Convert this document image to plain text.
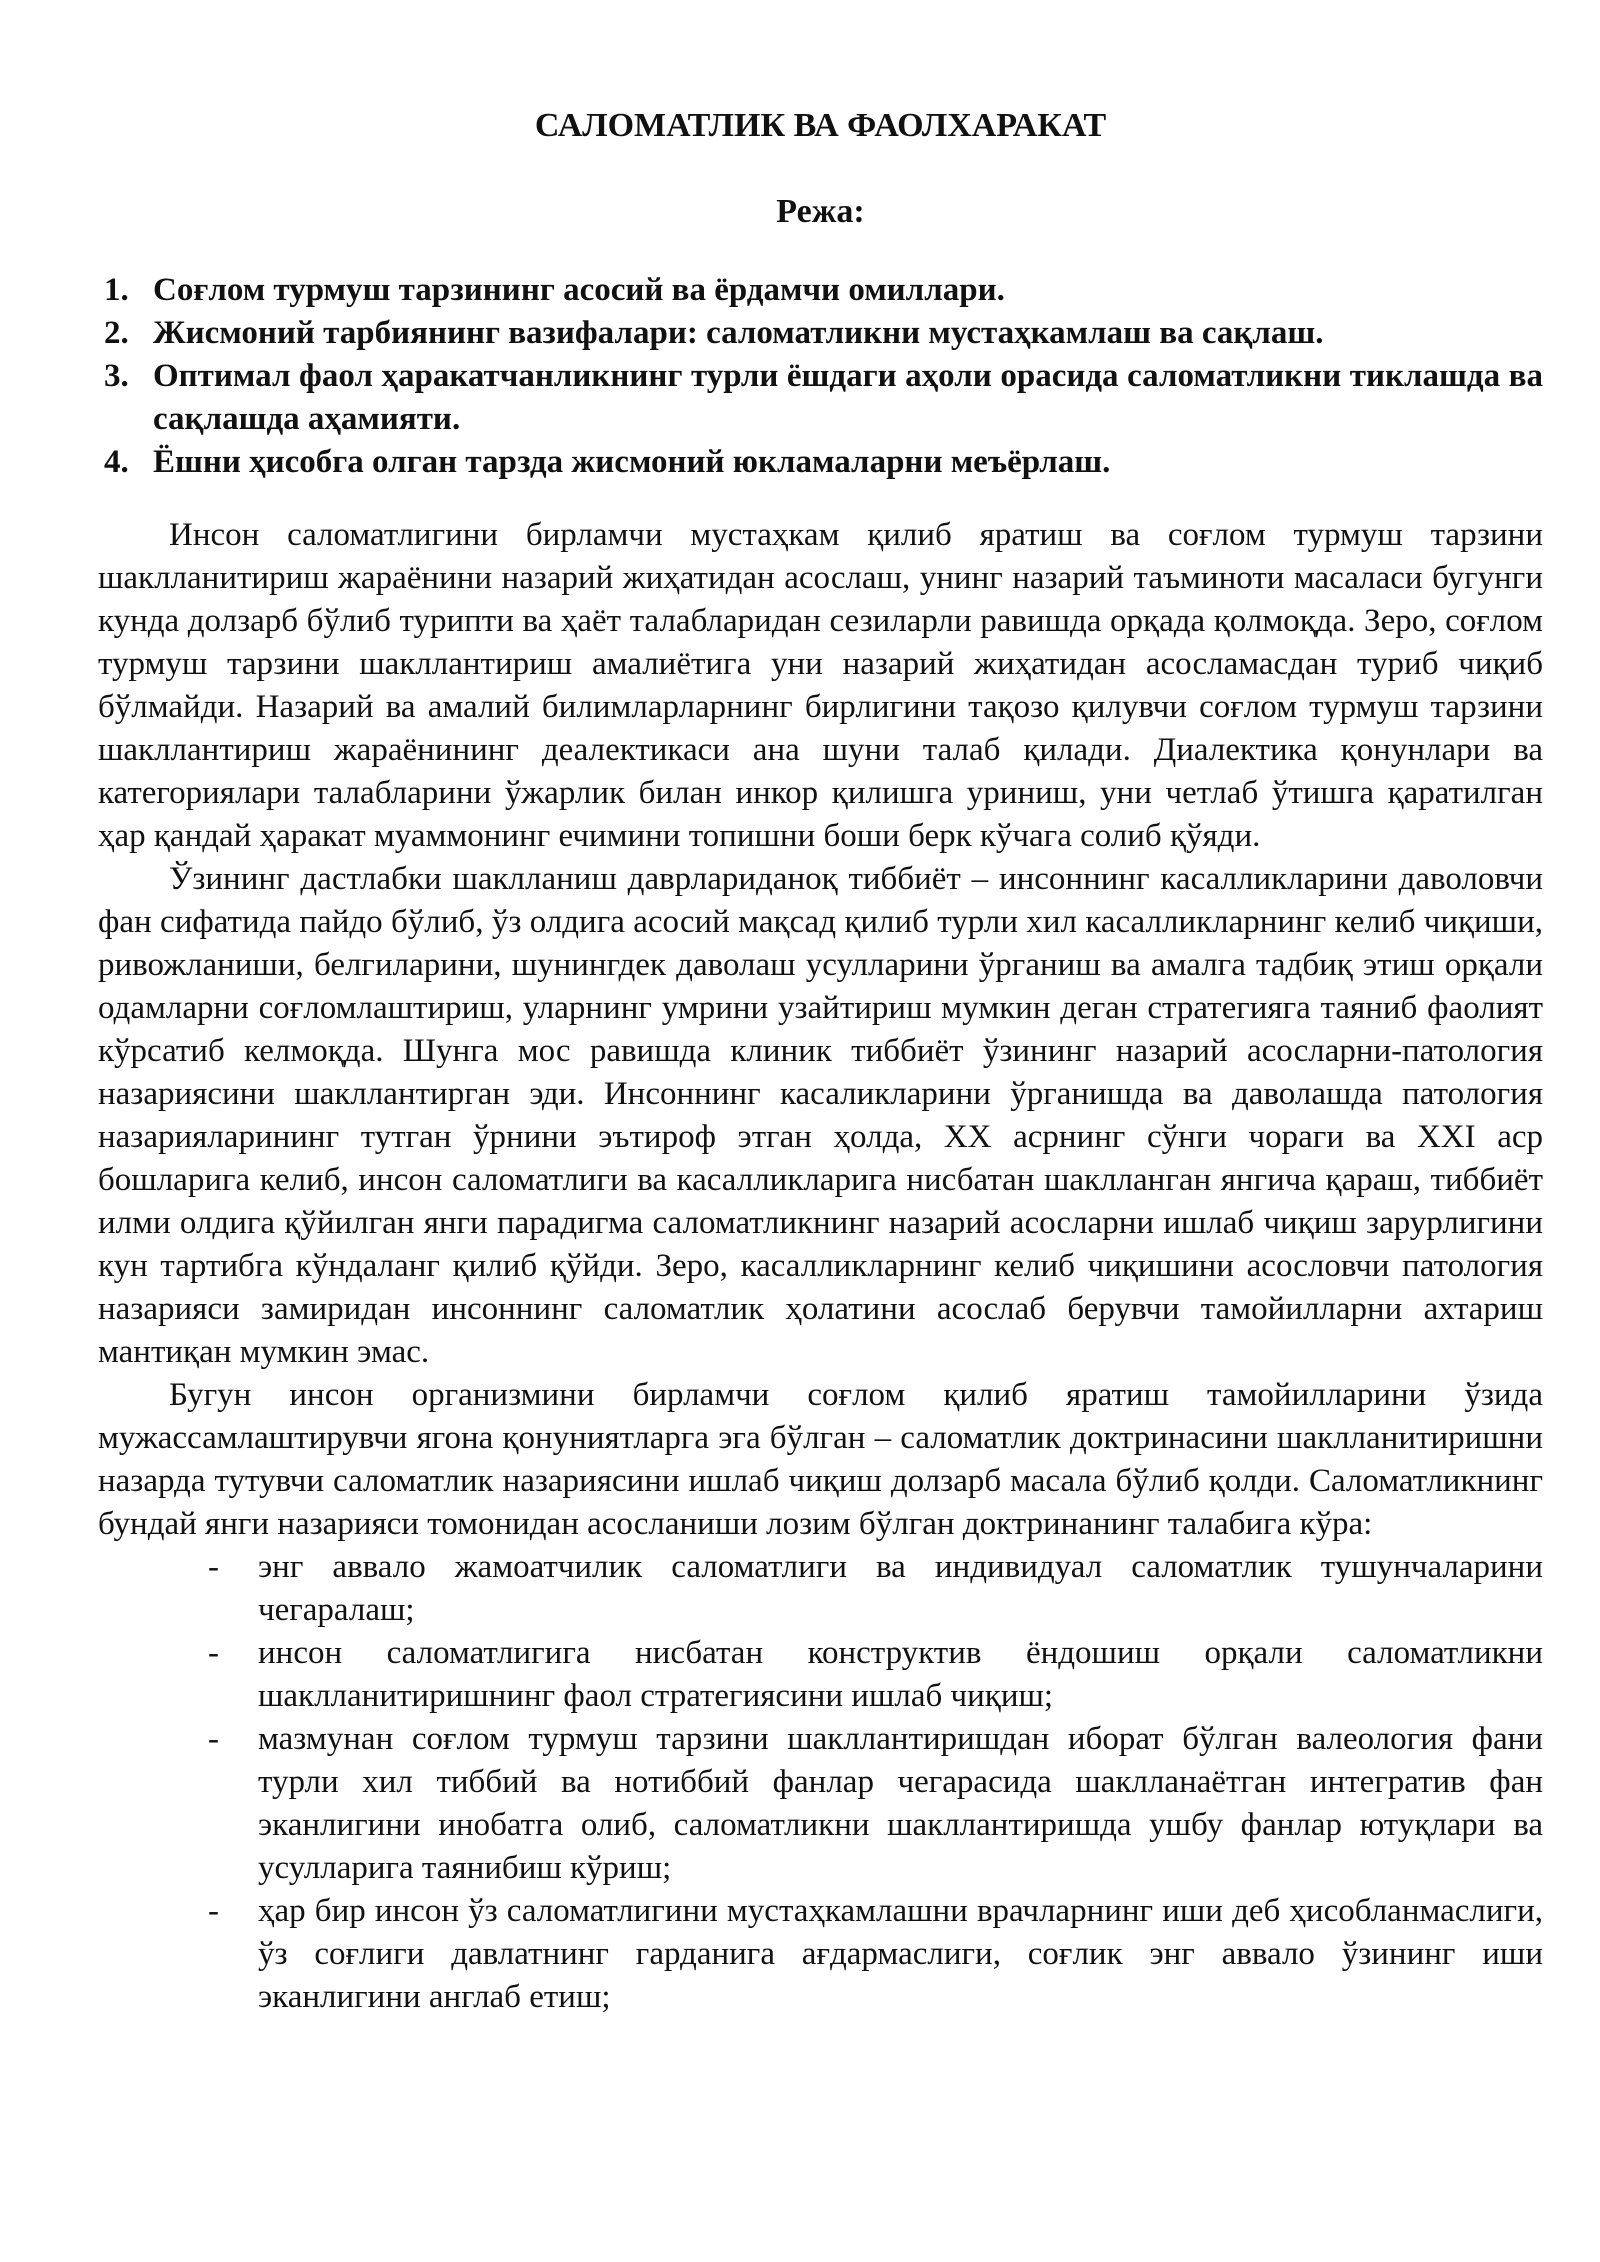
САЛОМАТЛИК ВА ФАОЛХАРАКАТ
Режа:
1. Соғлом турмуш тарзининг асосий ва ёрдамчи омиллари.
2. Жисмоний тарбиянинг вазифалари: саломатликни мустаҳкамлаш ва сақлаш.
3. Оптимал фаол ҳаракатчанликнинг турли ёшдаги аҳоли орасида саломатликни тиклашда ва сақлашда аҳамияти.
4. Ёшни ҳисобга олган тарзда жисмоний юкламаларни меъёрлаш.

Инсон саломатлигини бирламчи мустаҳкам қилиб яратиш ва соғлом турмуш тарзини шаклланитириш жараёнини назарий жиҳатидан асослаш, унинг назарий таъминоти масаласи бугунги кунда долзарб бўлиб турипти ва ҳаёт талабларидан сезиларли равишда орқада қолмоқда. Зеро, соғлом турмуш тарзини шакллантириш амалиётига уни назарий жиҳатидан асосламасдан туриб чиқиб бўлмайди. Назарий ва амалий билимларларнинг бирлигини тақозо қилувчи соғлом турмуш тарзини шакллантириш жараёнининг деалектикаси ана шуни талаб қилади. Диалектика қонунлари ва категориялари талабларини ўжарлик билан инкор қилишга уриниш, уни четлаб ўтишга қаратилган ҳар қандай ҳаракат муаммонинг ечимини топишни боши берк кўчага солиб қўяди.

Ўзининг дастлабки шаклланиш даврлариданоқ тиббиёт – инсоннинг касалликларини даволовчи фан сифатида пайдо бўлиб, ўз олдига асосий мақсад қилиб турли хил касалликларнинг келиб чиқиши, ривожланиши, белгиларини, шунингдек даволаш усулларини ўрганиш ва амалга тадбиқ этиш орқали одамларни соғломлаштириш, уларнинг умрини узайтириш мумкин деган стратегияга таяниб фаолият кўрсатиб келмоқда. Шунга мос равишда клиник тиббиёт ўзининг назарий асосларни-патология назариясини шакллантирган эди. Инсоннинг касаликларини ўрганишда ва даволашда патология назарияларининг тутган ўрнини эътироф этган ҳолда, XX асрнинг сўнги чораги ва XXI аср бошларига келиб, инсон саломатлиги ва касалликларига нисбатан шаклланган янгича қараш, тиббиёт илми олдига қўйилган янги парадигма саломатликнинг назарий асосларни ишлаб чиқиш зарурлигини кун тартибга кўндаланг қилиб қўйди. Зеро, касалликларнинг келиб чиқишини асословчи патология назарияси замиридан инсоннинг саломатлик ҳолатини асослаб берувчи тамойилларни ахтариш мантиқан мумкин эмас.

Бугун инсон организмини бирламчи соғлом қилиб яратиш тамойилларини ўзида мужассамлаштирувчи ягона қонуниятларга эга бўлган – саломатлик доктринасини шаклланитиришни назарда тутувчи саломатлик назариясини ишлаб чиқиш долзарб масала бўлиб қолди. Саломатликнинг бундай янги назарияси томонидан асосланиши лозим бўлган доктринанинг талабига кўра:

- энг аввало жамоатчилик саломатлиги ва индивидуал саломатлик тушунчаларини чегаралаш;
- инсон саломатлигига нисбатан конструктив ёндошиш орқали саломатликни шаклланитиришнинг фаол стратегиясини ишлаб чиқиш;
- мазмунан соғлом турмуш тарзини шакллантиришдан иборат бўлган валеология фани турли хил тиббий ва нотиббий фанлар чегарасида шаклланаётган интегратив фан эканлигини инобатга олиб, саломатликни шакллантиришда ушбу фанлар ютуқлари ва усулларига таянибиш кўриш;
- ҳар бир инсон ўз саломатлигини мустаҳкамлашни врачларнинг иши деб ҳисобланмаслиги, ўз соғлиги давлатнинг гарданига ағдармаслиги, соғлик энг аввало ўзининг иши эканлигини англаб етиш;
